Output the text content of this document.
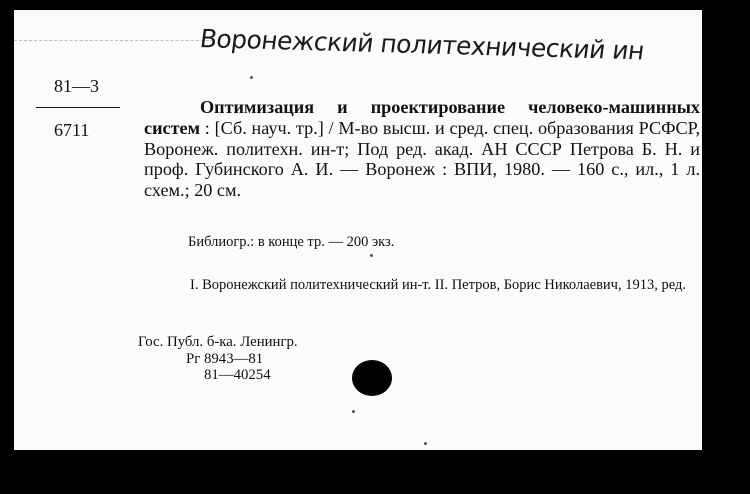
Воронежский политехнический ин
81—3
6711

Оптимизация и проектирование человеко-машинных систем : [Сб. науч. тр.] / М-во высш. и сред. спец. образования РСФСР, Воронеж. политехн. ин-т; Под ред. акад. АН СССР Петрова Б. Н. и проф. Губинского А. И. — Воронеж : ВПИ, 1980. — 160 с., ил., 1 л. схем.; 20 см.

Библиогр.: в конце тр. — 200 экз.

I. Воронежский политехнический ин-т. II. Петров, Борис Николаевич, 1913, ред.

Гос. Публ. б-ка. Ленингр.
Рг 8943—81
81—40254
